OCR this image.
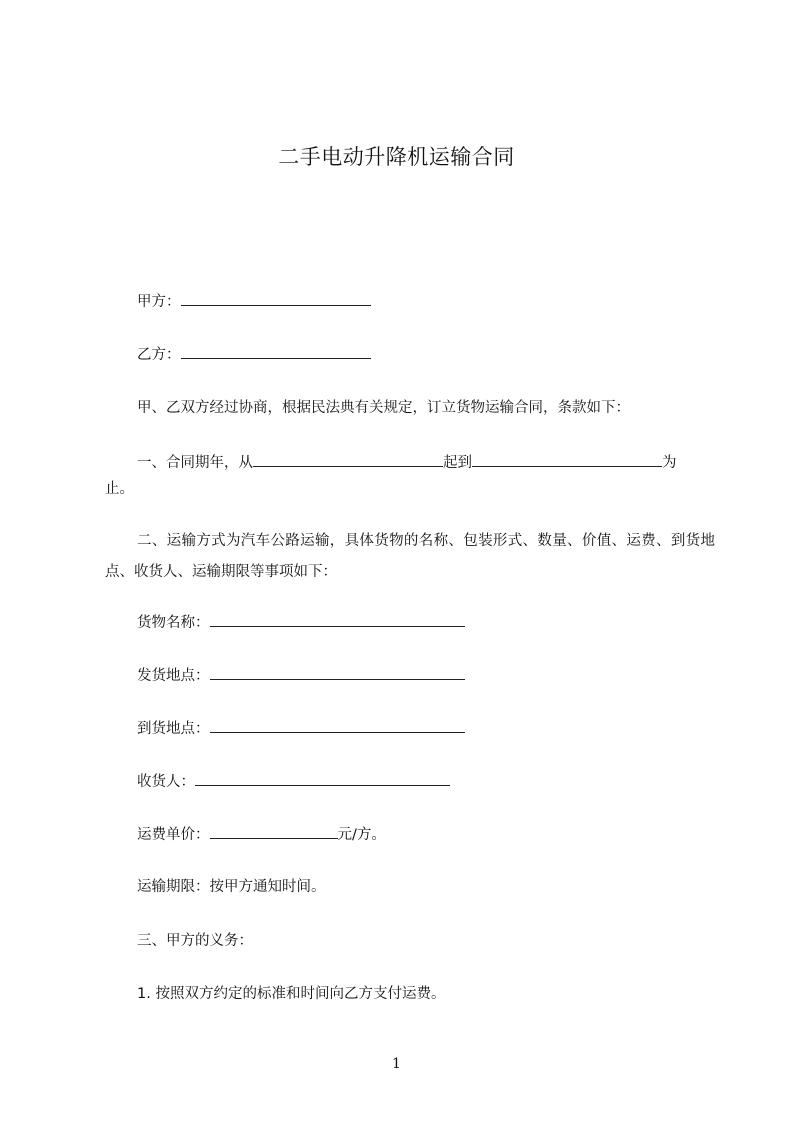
二手电动升降机运输合同
甲方：
乙方：
甲、乙双方经过协商，根据民法典有关规定，订立货物运输合同，条款如下：
一、合同期年，从	起到	为
止。
二、运输方式为汽车公路运输，具体货物的名称、包装形式、数量、价值、运费、到货地点、收货人、运输期限等事项如下：
货物名称：
发货地点：
到货地点：
收货人：
运费单价：	元/方。
运输期限：按甲方通知时间。
三、甲方的义务：
1. 按照双方约定的标准和时间向乙方支付运费。
1
